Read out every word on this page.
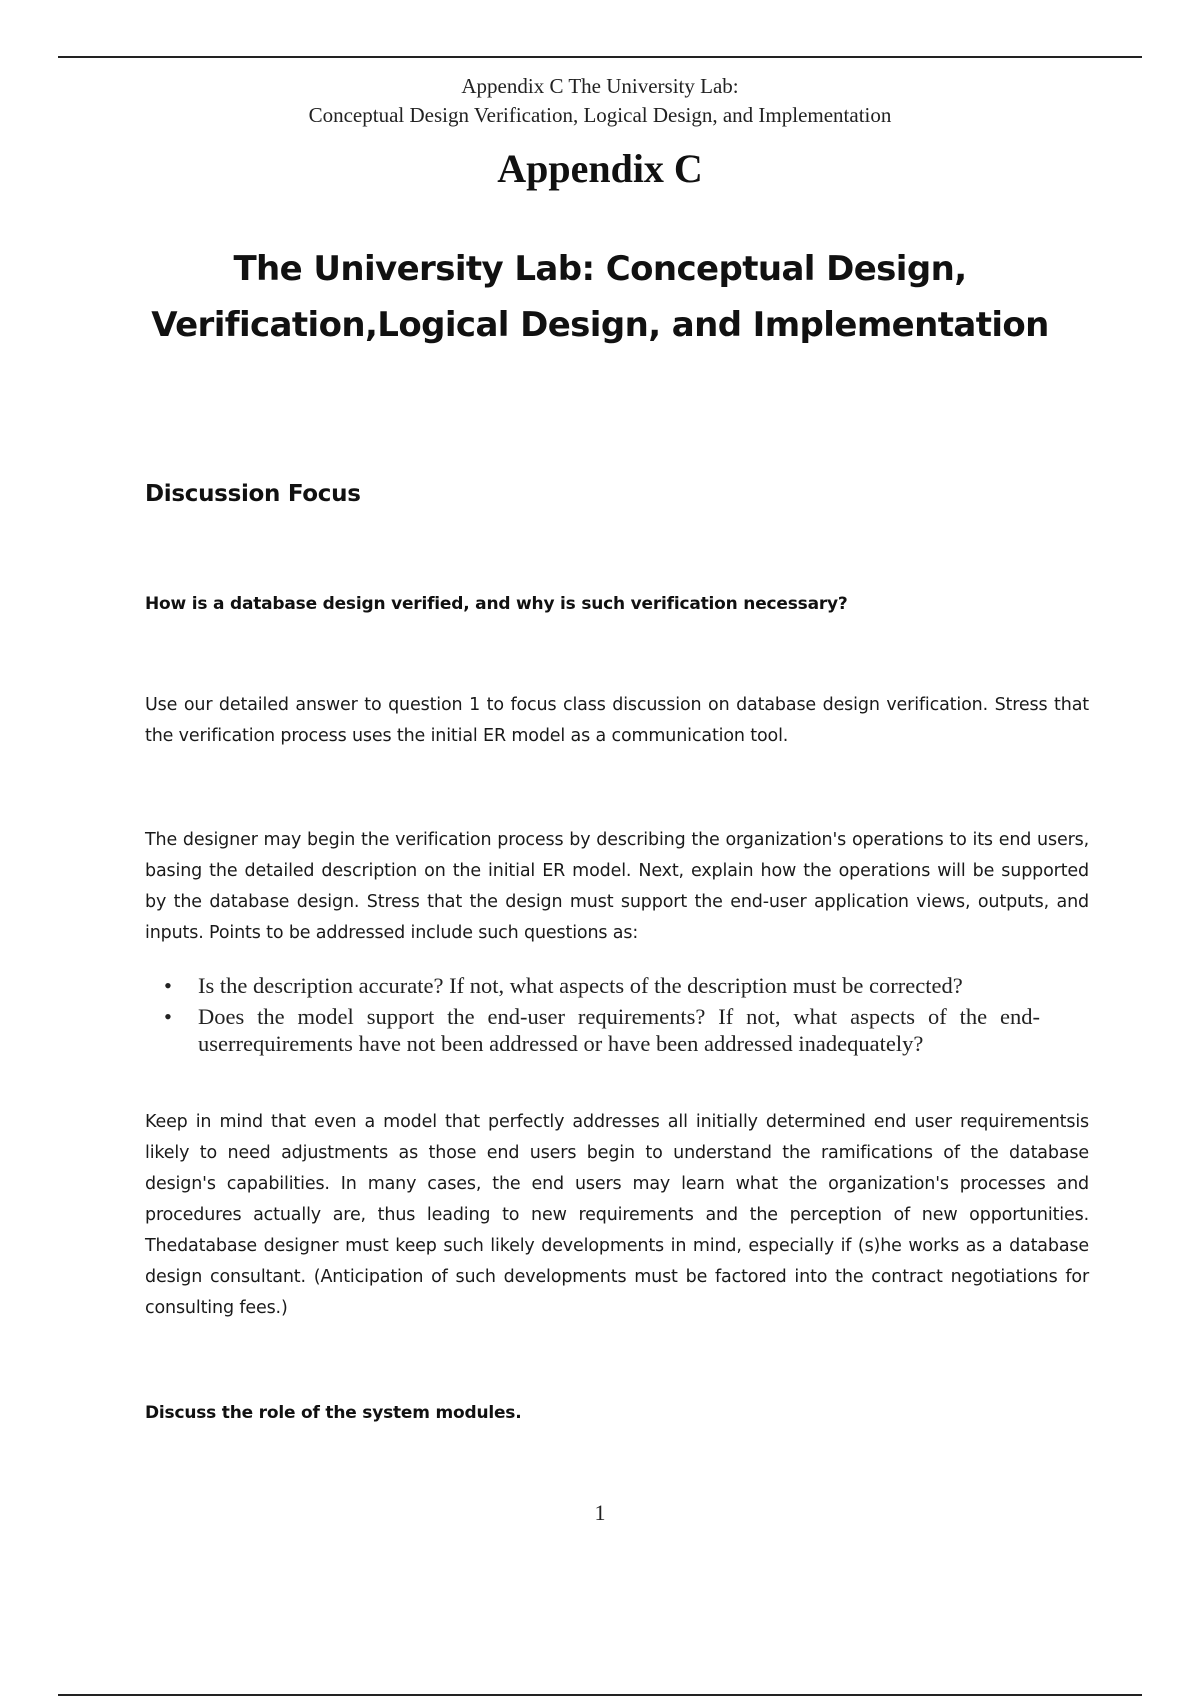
Appendix C The University Lab:
Conceptual Design Verification, Logical Design, and Implementation
Appendix C
The University Lab: Conceptual Design,
Verification,Logical Design, and Implementation
Discussion Focus
How is a database design verified, and why is such verification necessary?
Use our detailed answer to question 1 to focus class discussion on database design verification. Stress that the verification process uses the initial ER model as a communication tool.
The designer may begin the verification process by describing the organization's operations to its end users, basing the detailed description on the initial ER model. Next, explain how the operations will be supported by the database design. Stress that the design must support the end-user application views, outputs, and inputs. Points to be addressed include such questions as:
• Is the description accurate? If not, what aspects of the description must be corrected?
• Does the model support the end-user requirements? If not, what aspects of the end-userrequirements have not been addressed or have been addressed inadequately?
Keep in mind that even a model that perfectly addresses all initially determined end user requirementsis likely to need adjustments as those end users begin to understand the ramifications of the database design's capabilities. In many cases, the end users may learn what the organization's processes and procedures actually are, thus leading to new requirements and the perception of new opportunities. Thedatabase designer must keep such likely developments in mind, especially if (s)he works as a database design consultant. (Anticipation of such developments must be factored into the contract negotiations for consulting fees.)
Discuss the role of the system modules.
1
